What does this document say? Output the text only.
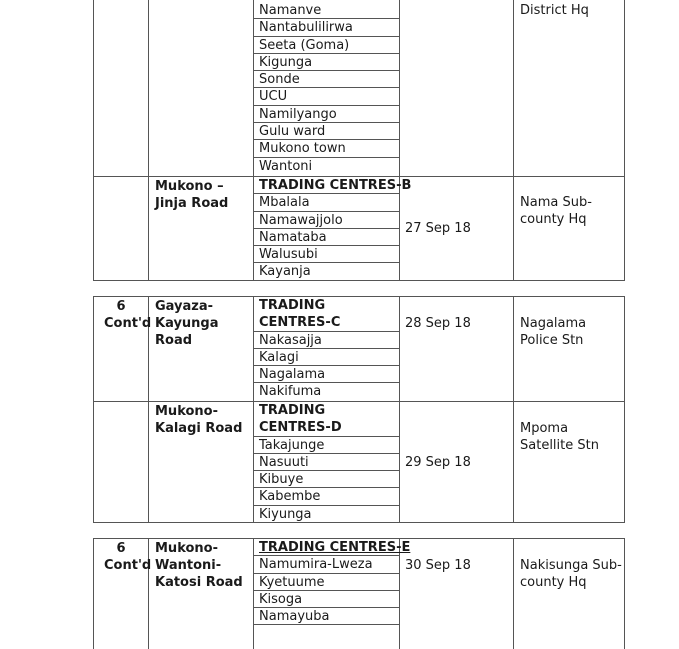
Namanve
Nantabulilirwa
Seeta (Goma)
Kigunga
Sonde
UCU
Namilyango
Gulu ward
Mukono town
Wantoni
District Hq
Mukono – Jinja Road
TRADING CENTRES-B
Mbalala
Namawajjolo
Namataba
Walusubi
Kayanja
27 Sep 18
Nama Sub-county Hq
6 Cont'd
Gayaza-Kayunga Road
TRADING CENTRES-C
Nakasajja
Kalagi
Nagalama
Nakifuma
28 Sep 18	Nagalama Police Stn
Mukono-Kalagi Road
TRADING CENTRES-D
Takajunge
Nasuuti
Kibuye
Kabembe
Kiyunga
29 Sep 18
Mpoma Satellite Stn
6 Cont'd
Mukono-Wantoni-Katosi Road
TRADING CENTRES-E
Namumira-Lweza
Kyetuume
Kisoga
Namayuba
30 Sep 18	Nakisunga Sub-county Hq
